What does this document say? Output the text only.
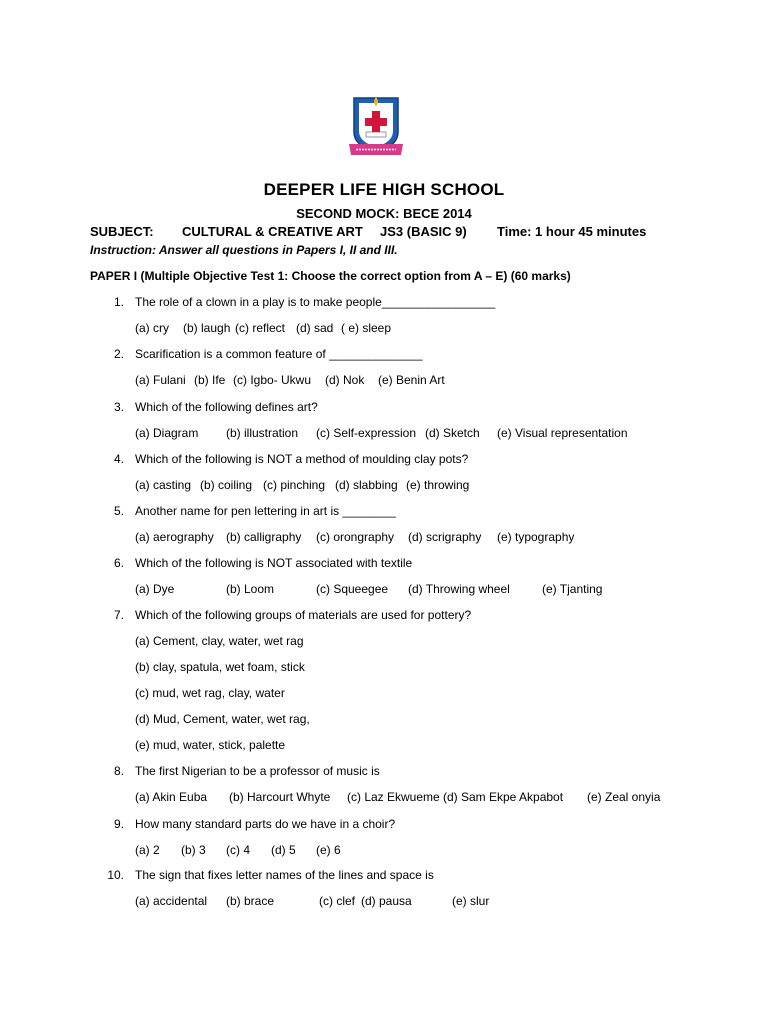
DEEPER LIFE HIGH SCHOOL
SECOND MOCK: BECE 2014
SUBJECT: CULTURAL & CREATIVE ART JS3 (BASIC 9) Time: 1 hour 45 minutes
Instruction: Answer all questions in Papers I, II and III.
PAPER I (Multiple Objective Test 1: Choose the correct option from A – E) (60 marks)
1. The role of a clown in a play is to make people_________________
(a) cry (b) laugh (c) reflect (d) sad ( e) sleep
2. Scarification is a common feature of ______________
(a) Fulani (b) Ife (c) Igbo- Ukwu (d) Nok (e) Benin Art
3. Which of the following defines art?
(a) Diagram (b) illustration (c) Self-expression (d) Sketch (e) Visual representation
4. Which of the following is NOT a method of moulding clay pots?
(a) casting (b) coiling (c) pinching (d) slabbing (e) throwing
5. Another name for pen lettering in art is ________
(a) aerography (b) calligraphy (c) orongraphy (d) scrigraphy (e) typography
6. Which of the following is NOT associated with textile
(a) Dye	(b) Loom	(c) Squeegee (d) Throwing wheel	(e) Tjanting
7. Which of the following groups of materials are used for pottery?
(a) Cement, clay, water, wet rag
(b) clay, spatula, wet foam, stick
(c) mud, wet rag, clay, water
(d) Mud, Cement, water, wet rag,
(e) mud, water, stick, palette
8. The first Nigerian to be a professor of music is
(a) Akin Euba (b) Harcourt Whyte (c) Laz Ekwueme (d) Sam Ekpe Akpabot (e) Zeal onyia
9. How many standard parts do we have in a choir?
(a) 2 (b) 3 (c) 4 (d) 5 (e) 6
10. The sign that fixes letter names of the lines and space is
(a) accidental (b) brace	(c) clef (d) pausa	(e) slur
